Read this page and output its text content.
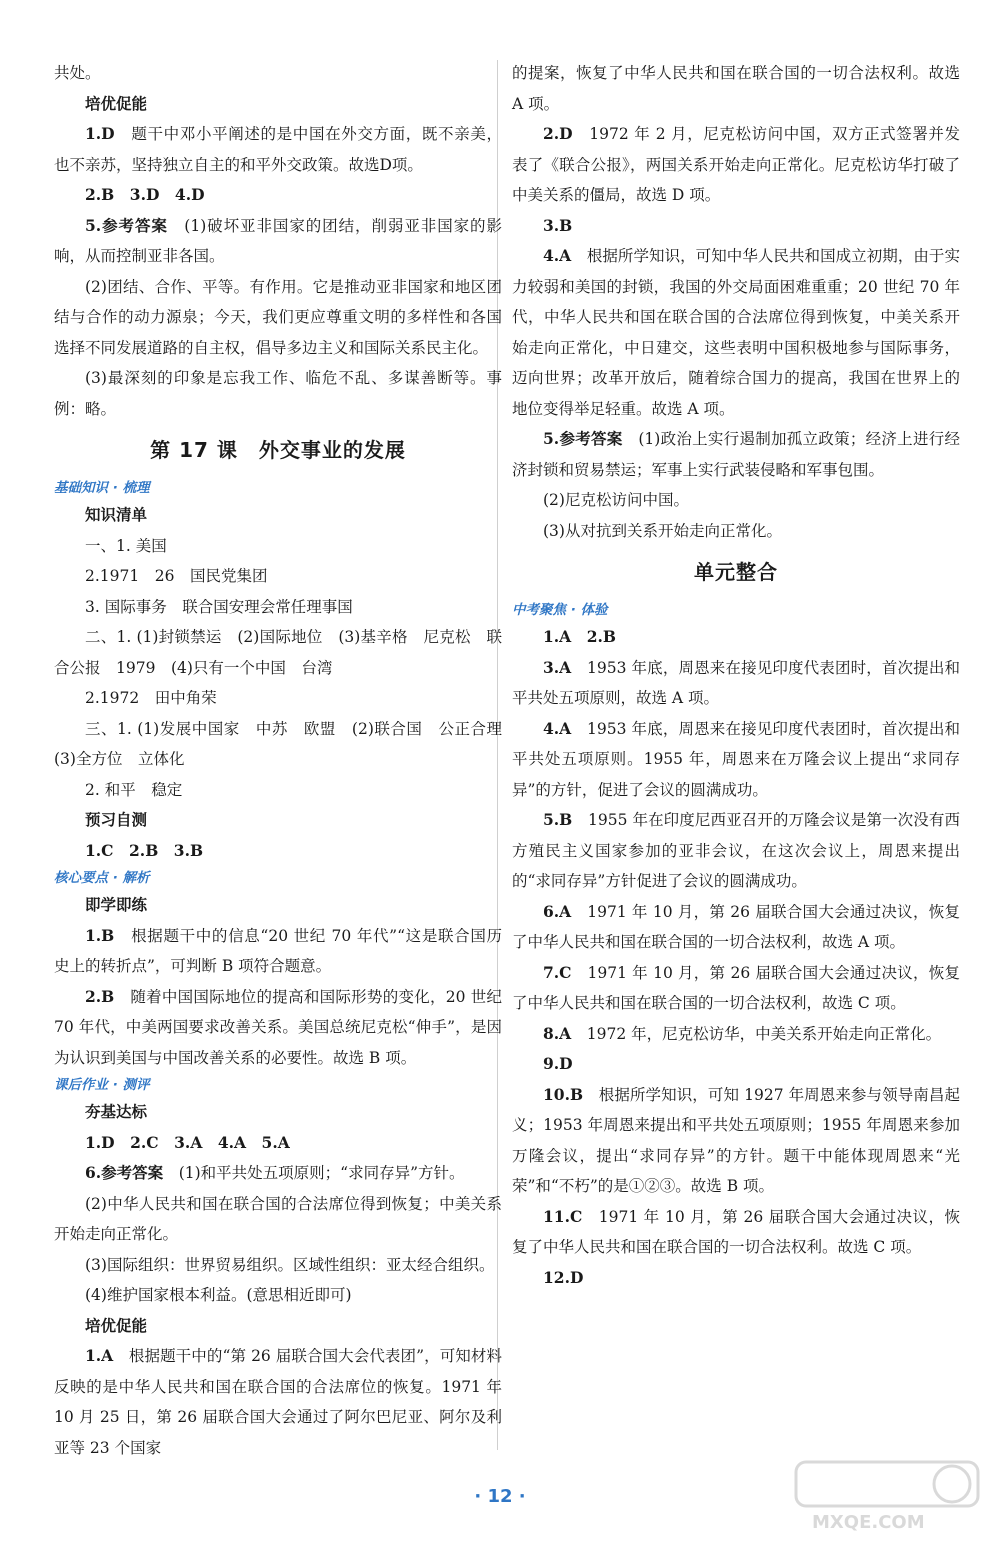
共处。

培优促能

1.D　 题干中邓小平阐述的是中国在外交方面，既不亲美，也不亲苏，坚持独立自主的和平外交政策。故选D项。

2.B　3.D　4.D

5.参考答案　 (1)破坏亚非国家的团结，削弱亚非国家的影响，从而控制亚非各国。

(2)团结、合作、平等。有作用。它是推动亚非国家和地区团结与合作的动力源泉；今天，我们更应尊重文明的多样性和各国选择不同发展道路的自主权，倡导多边主义和国际关系民主化。

(3)最深刻的印象是忘我工作、临危不乱、多谋善断等。事例：略。

第 17 课　外交事业的发展

基础知识 · 梳理

知识清单

一、1. 美国

2.1971　26　国民党集团

3. 国际事务　联合国安理会常任理事国

二、1. (1)封锁禁运　(2)国际地位　(3)基辛格　尼克松　联合公报　1979　(4)只有一个中国　台湾

2.1972　田中角荣

三、1. (1)发展中国家　中苏　欧盟　(2)联合国　公正合理　(3)全方位　立体化

2. 和平　稳定

预习自测

1.C　2.B　3.B

核心要点 · 解析

即学即练

1.B　 根据题干中的信息“20 世纪 70 年代”“这是联合国历史上的转折点”，可判断 B 项符合题意。

2.B　 随着中国国际地位的提高和国际形势的变化，20 世纪 70 年代，中美两国要求改善关系。美国总统尼克松“伸手”，是因为认识到美国与中国改善关系的必要性。故选 B 项。

课后作业 · 测评

夯基达标

1.D　2.C　3.A　4.A　5.A

6.参考答案　 (1)和平共处五项原则；“求同存异”方针。

(2)中华人民共和国在联合国的合法席位得到恢复；中美关系开始走向正常化。

(3)国际组织：世界贸易组织。区域性组织：亚太经合组织。

(4)维护国家根本利益。(意思相近即可)

培优促能

1.A　 根据题干中的“第 26 届联合国大会代表团”，可知材料反映的是中华人民共和国在联合国的合法席位的恢复。1971 年 10 月 25 日，第 26 届联合国大会通过了阿尔巴尼亚、阿尔及利亚等 23 个国家

的提案，恢复了中华人民共和国在联合国的一切合法权利。故选 A 项。

2.D　 1972 年 2 月，尼克松访问中国，双方正式签署并发表了《联合公报》，两国关系开始走向正常化。尼克松访华打破了中美关系的僵局，故选 D 项。

3.B

4.A　 根据所学知识，可知中华人民共和国成立初期，由于实力较弱和美国的封锁，我国的外交局面困难重重；20 世纪 70 年代，中华人民共和国在联合国的合法席位得到恢复，中美关系开始走向正常化，中日建交，这些表明中国积极地参与国际事务，迈向世界；改革开放后，随着综合国力的提高，我国在世界上的地位变得举足轻重。故选 A 项。

5.参考答案　 (1)政治上实行遏制加孤立政策；经济上进行经济封锁和贸易禁运；军事上实行武装侵略和军事包围。

(2)尼克松访问中国。

(3)从对抗到关系开始走向正常化。

单元整合

中考聚焦 · 体验

1.A　2.B

3.A　 1953 年底，周恩来在接见印度代表团时，首次提出和平共处五项原则，故选 A 项。

4.A　 1953 年底，周恩来在接见印度代表团时，首次提出和平共处五项原则。1955 年，周恩来在万隆会议上提出“求同存异”的方针，促进了会议的圆满成功。

5.B　 1955 年在印度尼西亚召开的万隆会议是第一次没有西方殖民主义国家参加的亚非会议，在这次会议上，周恩来提出的“求同存异”方针促进了会议的圆满成功。

6.A　 1971 年 10 月，第 26 届联合国大会通过决议，恢复了中华人民共和国在联合国的一切合法权利，故选 A 项。

7.C　 1971 年 10 月，第 26 届联合国大会通过决议，恢复了中华人民共和国在联合国的一切合法权利，故选 C 项。

8.A　 1972 年，尼克松访华，中美关系开始走向正常化。

9.D

10.B　 根据所学知识，可知 1927 年周恩来参与领导南昌起义；1953 年周恩来提出和平共处五项原则；1955 年周恩来参加万隆会议，提出“求同存异”的方针。题干中能体现周恩来“光荣”和“不朽”的是①②③。故选 B 项。

11.C　 1971 年 10 月，第 26 届联合国大会通过决议，恢复了中华人民共和国在联合国的一切合法权利。故选 C 项。

12.D

· 12 ·
MXQE.COM
